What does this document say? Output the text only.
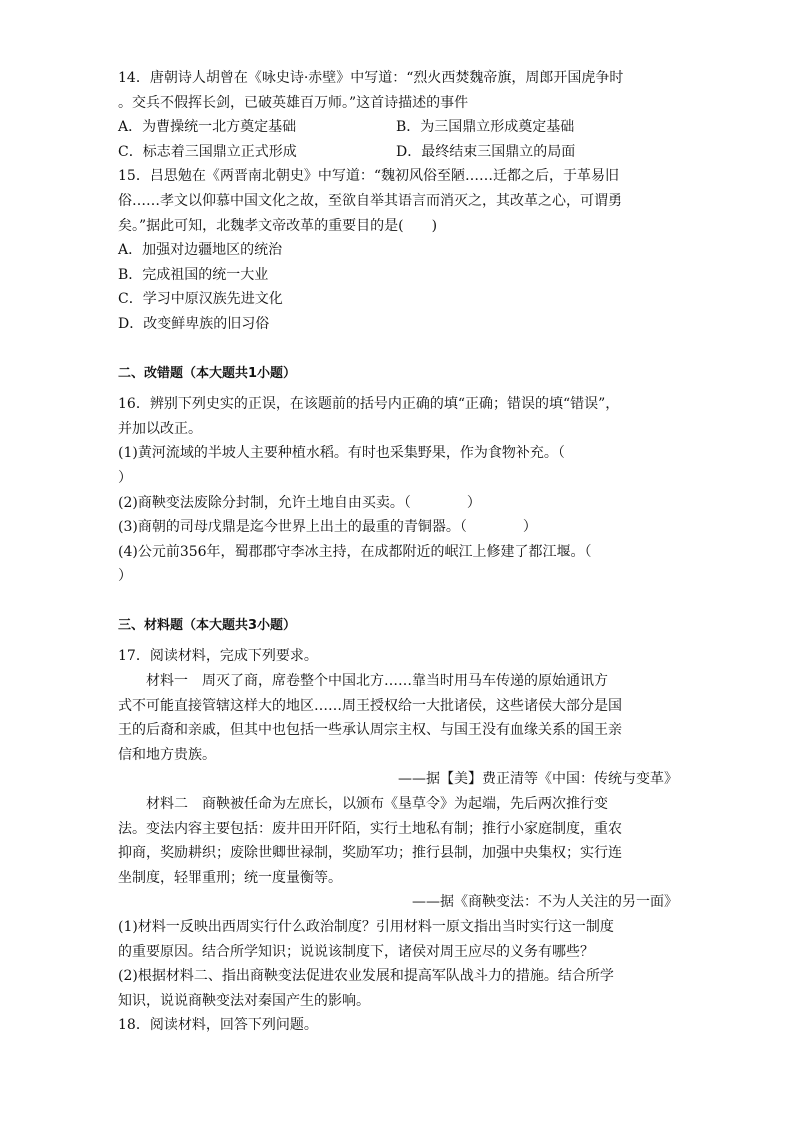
14．唐朝诗人胡曾在《咏史诗·赤壁》中写道：“烈火西焚魏帝旗，周郎开国虎争时
。交兵不假挥长剑，已破英雄百万师。”这首诗描述的事件
A．为曹操统一北方奠定基础	B．为三国鼎立形成奠定基础
C．标志着三国鼎立正式形成	D．最终结束三国鼎立的局面
15．吕思勉在《两晋南北朝史》中写道：“魏初风俗至陋……迁都之后，于革易旧
俗……孝文以仰慕中国文化之故，至欲自举其语言而消灭之，其改革之心，可谓勇
矣。”据此可知，北魏孝文帝改革的重要目的是(　　)
A．加强对边疆地区的统治
B．完成祖国的统一大业
C．学习中原汉族先进文化
D．改变鲜卑族的旧习俗
二、改错题（本大题共1小题）
16．辨别下列史实的正误，在该题前的括号内正确的填“正确；错误的填“错误”，
并加以改正。
(1)黄河流域的半坡人主要种植水稻。有时也采集野果，作为食物补充。（
）
(2)商鞅变法废除分封制，允许土地自由买卖。（　　　　）
(3)商朝的司母戊鼎是迄今世界上出土的最重的青铜器。（　　　　）
(4)公元前356年，蜀郡郡守李冰主持，在成都附近的岷江上修建了都江堰。（
）
三、材料题（本大题共3小题）
17．阅读材料，完成下列要求。
材料一　周灭了商，席卷整个中国北方……靠当时用马车传递的原始通讯方
式不可能直接管辖这样大的地区……周王授权给一大批诸侯，这些诸侯大部分是国
王的后裔和亲戚，但其中也包括一些承认周宗主权、与国王没有血缘关系的国王亲
信和地方贵族。
——据【美】费正清等《中国：传统与变革》
材料二　商鞅被任命为左庶长，以颁布《垦草令》为起端，先后两次推行变
法。变法内容主要包括：废井田开阡陌，实行土地私有制；推行小家庭制度，重农
抑商，奖励耕织；废除世卿世禄制，奖励军功；推行县制，加强中央集权；实行连
坐制度，轻罪重刑；统一度量衡等。
——据《商鞅变法：不为人关注的另一面》
(1)材料一反映出西周实行什么政治制度？引用材料一原文指出当时实行这一制度
的重要原因。结合所学知识；说说该制度下，诸侯对周王应尽的义务有哪些？
(2)根据材料二、指出商鞅变法促进农业发展和提高军队战斗力的措施。结合所学
知识，说说商鞅变法对秦国产生的影响。
18．阅读材料，回答下列问题。
